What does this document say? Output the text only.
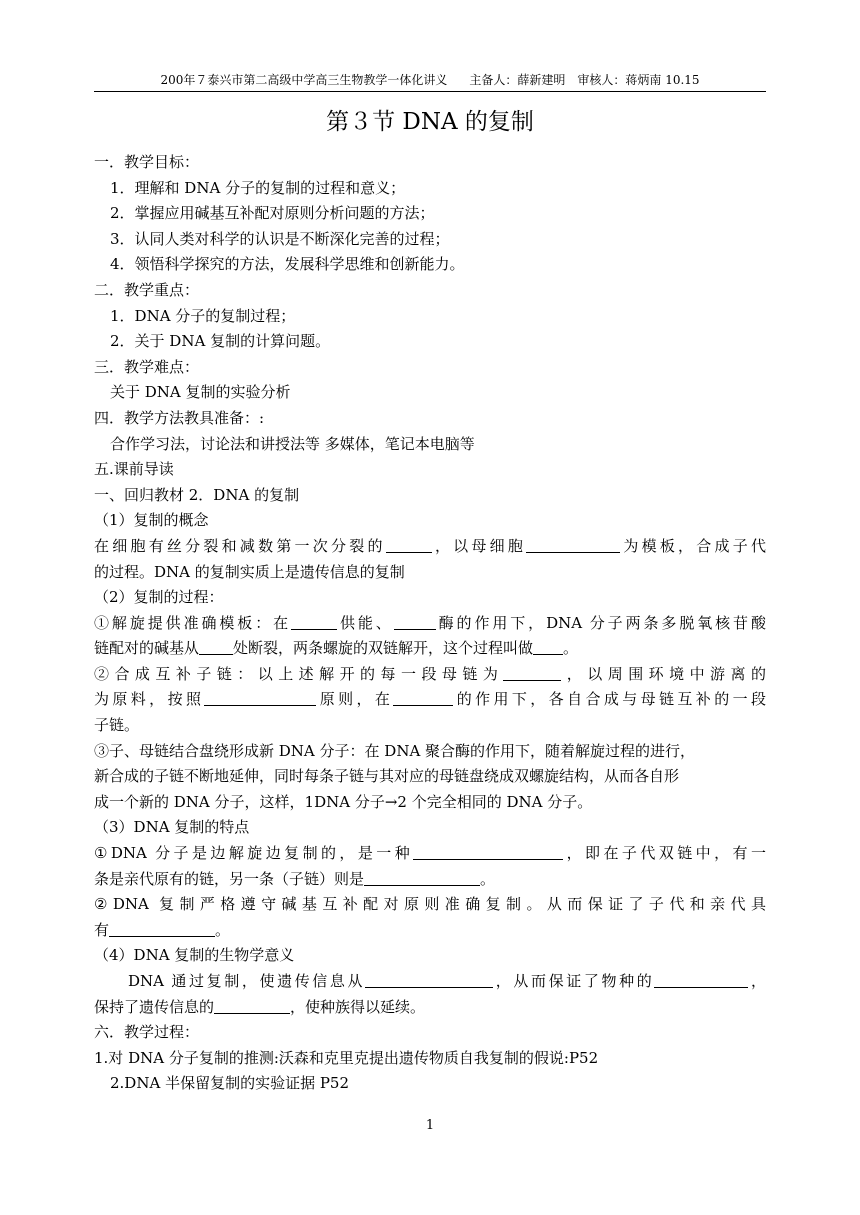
200年７泰兴市第二高级中学高三生物教学一体化讲义 主备人：薛新建明 审核人：蒋炳南 10.15
第３节 DNA 的复制
一．教学目标：
1．理解和 DNA 分子的复制的过程和意义；
2．掌握应用碱基互补配对原则分析问题的方法；
3．认同人类对科学的认识是不断深化完善的过程；
4．领悟科学探究的方法，发展科学思维和创新能力。
二．教学重点：
1．DNA 分子的复制过程；
2．关于 DNA 复制的计算问题。
三．教学难点：
关于 DNA 复制的实验分析
四．教学方法教具准备：:
合作学习法，讨论法和讲授法等 多媒体，笔记本电脑等
五.课前导读
一、回归教材 2．DNA 的复制
（1）复制的概念
在细胞有丝分裂和减数第一次分裂的	，以母细胞	为模板，合成子代
的过程。DNA 的复制实质上是遗传信息的复制
（2）复制的过程：
①解旋提供准确模板：在	供能、	酶的作用下，DNA 分子两条多脱氧核苷酸
链配对的碱基从 处断裂，两条螺旋的双链解开，这个过程叫做 。
②合成互补子链：以上述解开的每一段母链为	，以周围环境中游离的
为原料，按照	原则，在	的作用下，各自合成与母链互补的一段
子链。
③子、母链结合盘绕形成新 DNA 分子：在 DNA 聚合酶的作用下，随着解旋过程的进行，
新合成的子链不断地延伸，同时每条子链与其对应的母链盘绕成双螺旋结构，从而各自形
成一个新的 DNA 分子，这样，1DNA 分子→2 个完全相同的 DNA 分子。
（3）DNA 复制的特点
①DNA 分子是边解旋边复制的，是一种	，即在子代双链中，有一
条是亲代原有的链，另一条（子链）则是	。
②DNA 复制严格遵守碱基互补配对原则准确复制。从而保证了子代和亲代具
有	。
（4）DNA 复制的生物学意义
DNA 通过复制，使遗传信息从	，从而保证了物种的	，
保持了遗传信息的	，使种族得以延续。
六．教学过程：
1.对 DNA 分子复制的推测:沃森和克里克提出遗传物质自我复制的假说:P52
2.DNA 半保留复制的实验证据 P52
1
